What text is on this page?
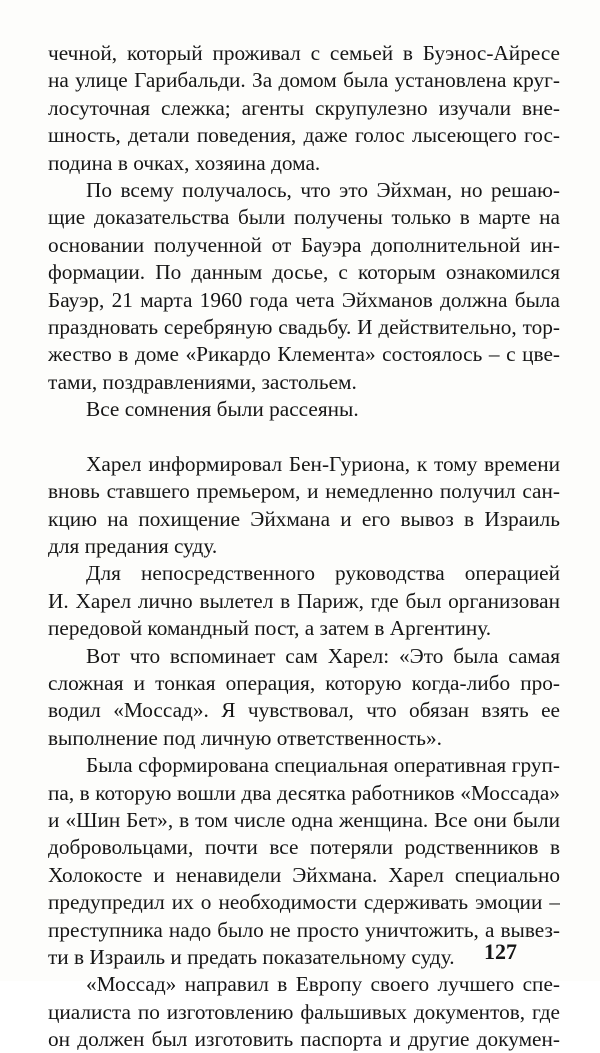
чечной, который проживал с семьей в Буэнос-Айресе
на улице Гарибальди. За домом была установлена круг-
лосуточная слежка; агенты скрупулезно изучали вне-
шность, детали поведения, даже голос лысеющего гос-
подина в очках, хозяина дома.
По всему получалось, что это Эйхман, но решаю-
щие доказательства были получены только в марте на
основании полученной от Бауэра дополнительной ин-
формации. По данным досье, с которым ознакомился
Бауэр, 21 марта 1960 года чета Эйхманов должна была
праздновать серебряную свадьбу. И действительно, тор-
жество в доме «Рикардо Клемента» состоялось – с цве-
тами, поздравлениями, застольем.
Все сомнения были рассеяны.
Харел информировал Бен-Гуриона, к тому времени
вновь ставшего премьером, и немедленно получил сан-
кцию на похищение Эйхмана и его вывоз в Израиль
для предания суду.
Для непосредственного руководства операцией
И. Харел лично вылетел в Париж, где был организован
передовой командный пост, а затем в Аргентину.
Вот что вспоминает сам Харел: «Это была самая
сложная и тонкая операция, которую когда-либо про-
водил «Моссад». Я чувствовал, что обязан взять ее
выполнение под личную ответственность».
Была сформирована специальная оперативная груп-
па, в которую вошли два десятка работников «Моссада»
и «Шин Бет», в том числе одна женщина. Все они были
добровольцами, почти все потеряли родственников в
Холокосте и ненавидели Эйхмана. Харел специально
предупредил их о необходимости сдерживать эмоции –
преступника надо было не просто уничтожить, а вывез-
ти в Израиль и предать показательному суду.
«Моссад» направил в Европу своего лучшего спе-
циалиста по изготовлению фальшивых документов, где
он должен был изготовить паспорта и другие докумен-
127
